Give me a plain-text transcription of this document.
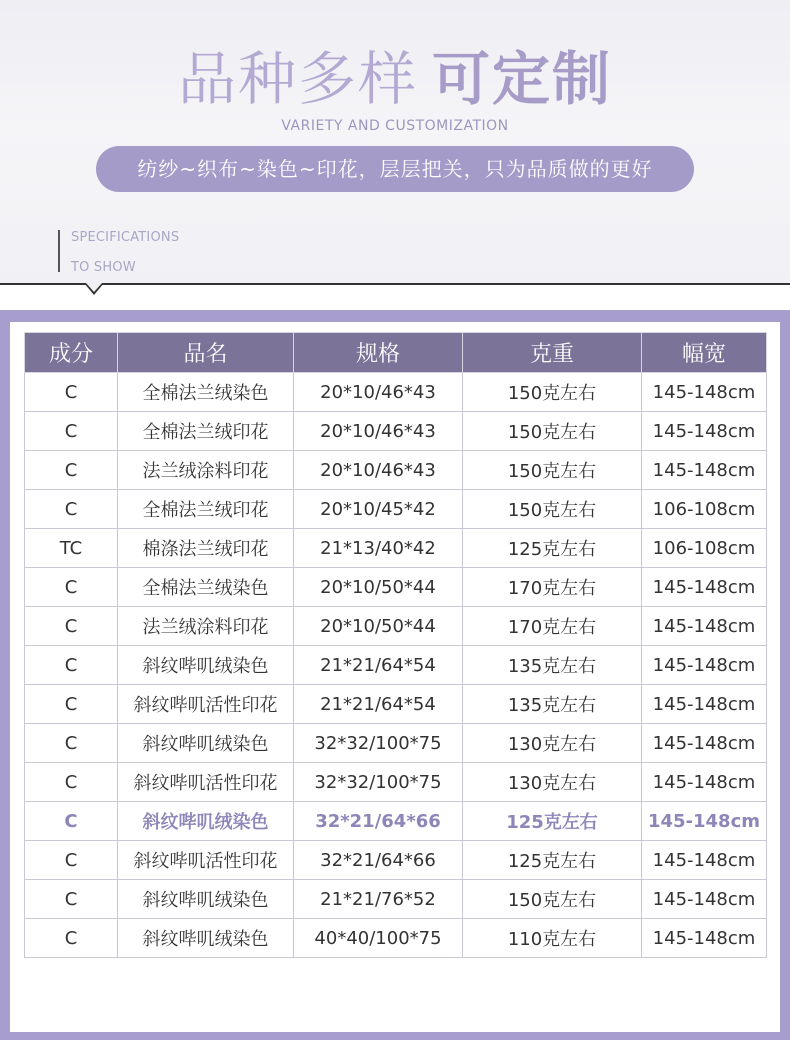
品种多样 可定制
VARIETY AND CUSTOMIZATION
纺纱~织布~染色~印花，层层把关，只为品质做的更好
SPECIFICATIONS
TO SHOW
成分	品名	规格	克重	幅宽
C	全棉法兰绒染色	20*10/46*43	150克左右	145-148cm
C	全棉法兰绒印花	20*10/46*43	150克左右	145-148cm
C	法兰绒涂料印花	20*10/46*43	150克左右	145-148cm
C	全棉法兰绒印花	20*10/45*42	150克左右	106-108cm
TC	棉涤法兰绒印花	21*13/40*42	125克左右	106-108cm
C	全棉法兰绒染色	20*10/50*44	170克左右	145-148cm
C	法兰绒涂料印花	20*10/50*44	170克左右	145-148cm
C	斜纹哔叽绒染色	21*21/64*54	135克左右	145-148cm
C	斜纹哔叽活性印花	21*21/64*54	135克左右	145-148cm
C	斜纹哔叽绒染色	32*32/100*75	130克左右	145-148cm
C	斜纹哔叽活性印花	32*32/100*75	130克左右	145-148cm
C	斜纹哔叽绒染色	32*21/64*66	125克左右	145-148cm
C	斜纹哔叽活性印花	32*21/64*66	125克左右	145-148cm
C	斜纹哔叽绒染色	21*21/76*52	150克左右	145-148cm
C	斜纹哔叽绒染色	40*40/100*75	110克左右	145-148cm
